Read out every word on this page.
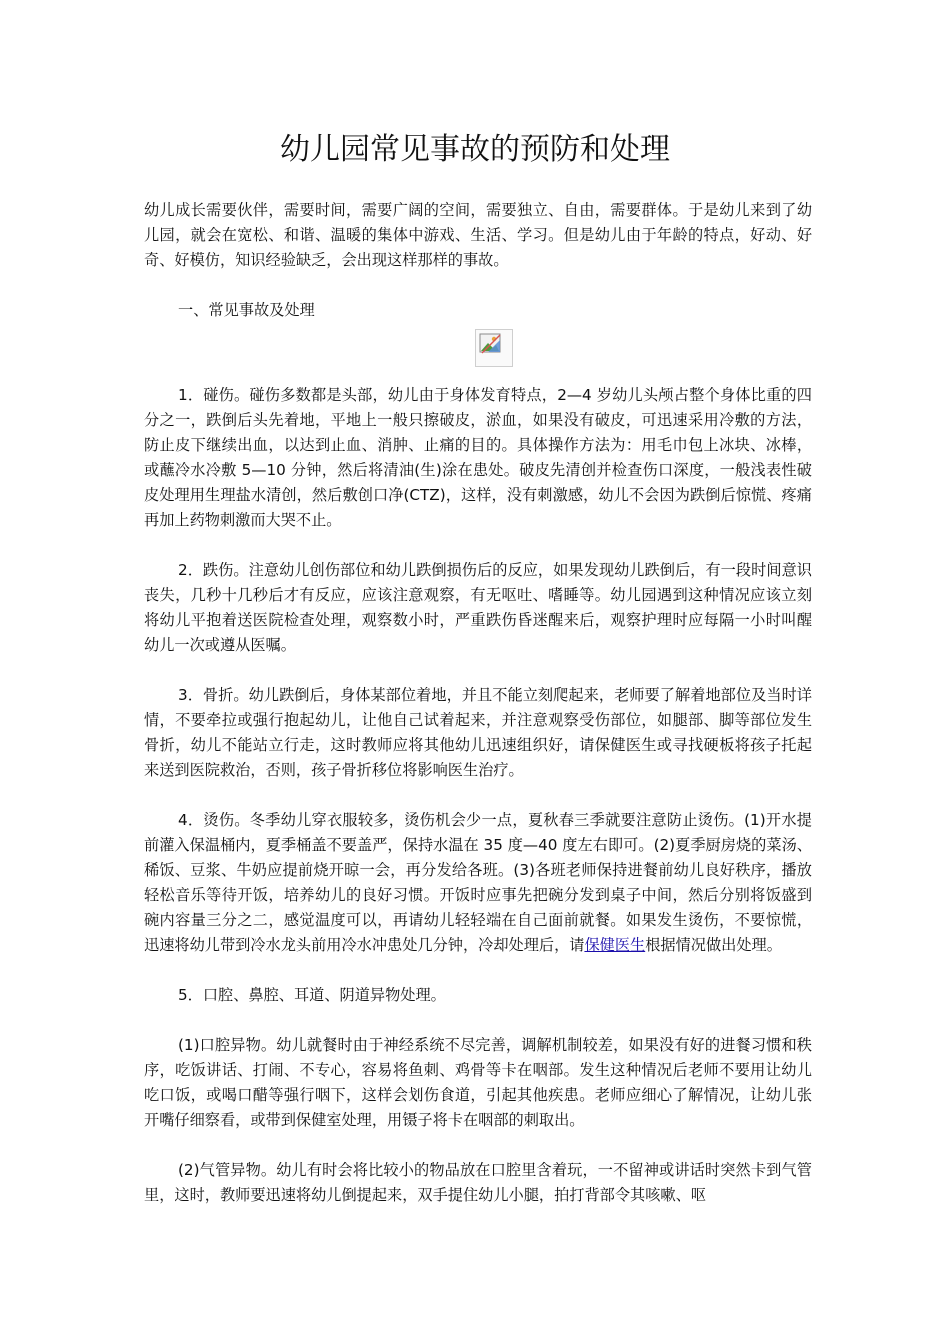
幼儿园常见事故的预防和处理

幼儿成长需要伙伴，需要时间，需要广阔的空间，需要独立、自由，需要群体。于是幼儿来到了幼儿园，就会在宽松、和谐、温暖的集体中游戏、生活、学习。但是幼儿由于年龄的特点，好动、好奇、好模仿，知识经验缺乏，会出现这样那样的事故。

一、常见事故及处理

1．碰伤。碰伤多数都是头部，幼儿由于身体发育特点，2—4 岁幼儿头颅占整个身体比重的四分之一，跌倒后头先着地，平地上一般只擦破皮，淤血，如果没有破皮，可迅速采用冷敷的方法，防止皮下继续出血，以达到止血、消肿、止痛的目的。具体操作方法为：用毛巾包上冰块、冰棒，或蘸冷水冷敷 5—10 分钟，然后将清油(生)涂在患处。破皮先清创并检查伤口深度，一般浅表性破皮处理用生理盐水清创，然后敷创口净(CTZ)，这样，没有刺激感，幼儿不会因为跌倒后惊慌、疼痛再加上药物刺激而大哭不止。

2．跌伤。注意幼儿创伤部位和幼儿跌倒损伤后的反应，如果发现幼儿跌倒后，有一段时间意识丧失，几秒十几秒后才有反应，应该注意观察，有无呕吐、嗜睡等。幼儿园遇到这种情况应该立刻将幼儿平抱着送医院检查处理，观察数小时，严重跌伤昏迷醒来后，观察护理时应每隔一小时叫醒幼儿一次或遵从医嘱。

3．骨折。幼儿跌倒后，身体某部位着地，并且不能立刻爬起来，老师要了解着地部位及当时详情，不要牵拉或强行抱起幼儿，让他自己试着起来，并注意观察受伤部位，如腿部、脚等部位发生骨折，幼儿不能站立行走，这时教师应将其他幼儿迅速组织好，请保健医生或寻找硬板将孩子托起来送到医院救治，否则，孩子骨折移位将影响医生治疗。

4．烫伤。冬季幼儿穿衣服较多，烫伤机会少一点，夏秋春三季就要注意防止烫伤。(1)开水提前灌入保温桶内，夏季桶盖不要盖严，保持水温在 35 度—40 度左右即可。(2)夏季厨房烧的菜汤、稀饭、豆浆、牛奶应提前烧开晾一会，再分发给各班。(3)各班老师保持进餐前幼儿良好秩序，播放轻松音乐等待开饭，培养幼儿的良好习惯。开饭时应事先把碗分发到桌子中间，然后分别将饭盛到碗内容量三分之二，感觉温度可以，再请幼儿轻轻端在自己面前就餐。如果发生烫伤，不要惊慌，迅速将幼儿带到冷水龙头前用冷水冲患处几分钟，冷却处理后，请保健医生根据情况做出处理。

5．口腔、鼻腔、耳道、阴道异物处理。

(1)口腔异物。幼儿就餐时由于神经系统不尽完善，调解机制较差，如果没有好的进餐习惯和秩序，吃饭讲话、打闹、不专心，容易将鱼刺、鸡骨等卡在咽部。发生这种情况后老师不要用让幼儿吃口饭，或喝口醋等强行咽下，这样会划伤食道，引起其他疾患。老师应细心了解情况，让幼儿张开嘴仔细察看，或带到保健室处理，用镊子将卡在咽部的刺取出。

(2)气管异物。幼儿有时会将比较小的物品放在口腔里含着玩，一不留神或讲话时突然卡到气管里，这时，教师要迅速将幼儿倒提起来，双手提住幼儿小腿，拍打背部令其咳嗽、呕
